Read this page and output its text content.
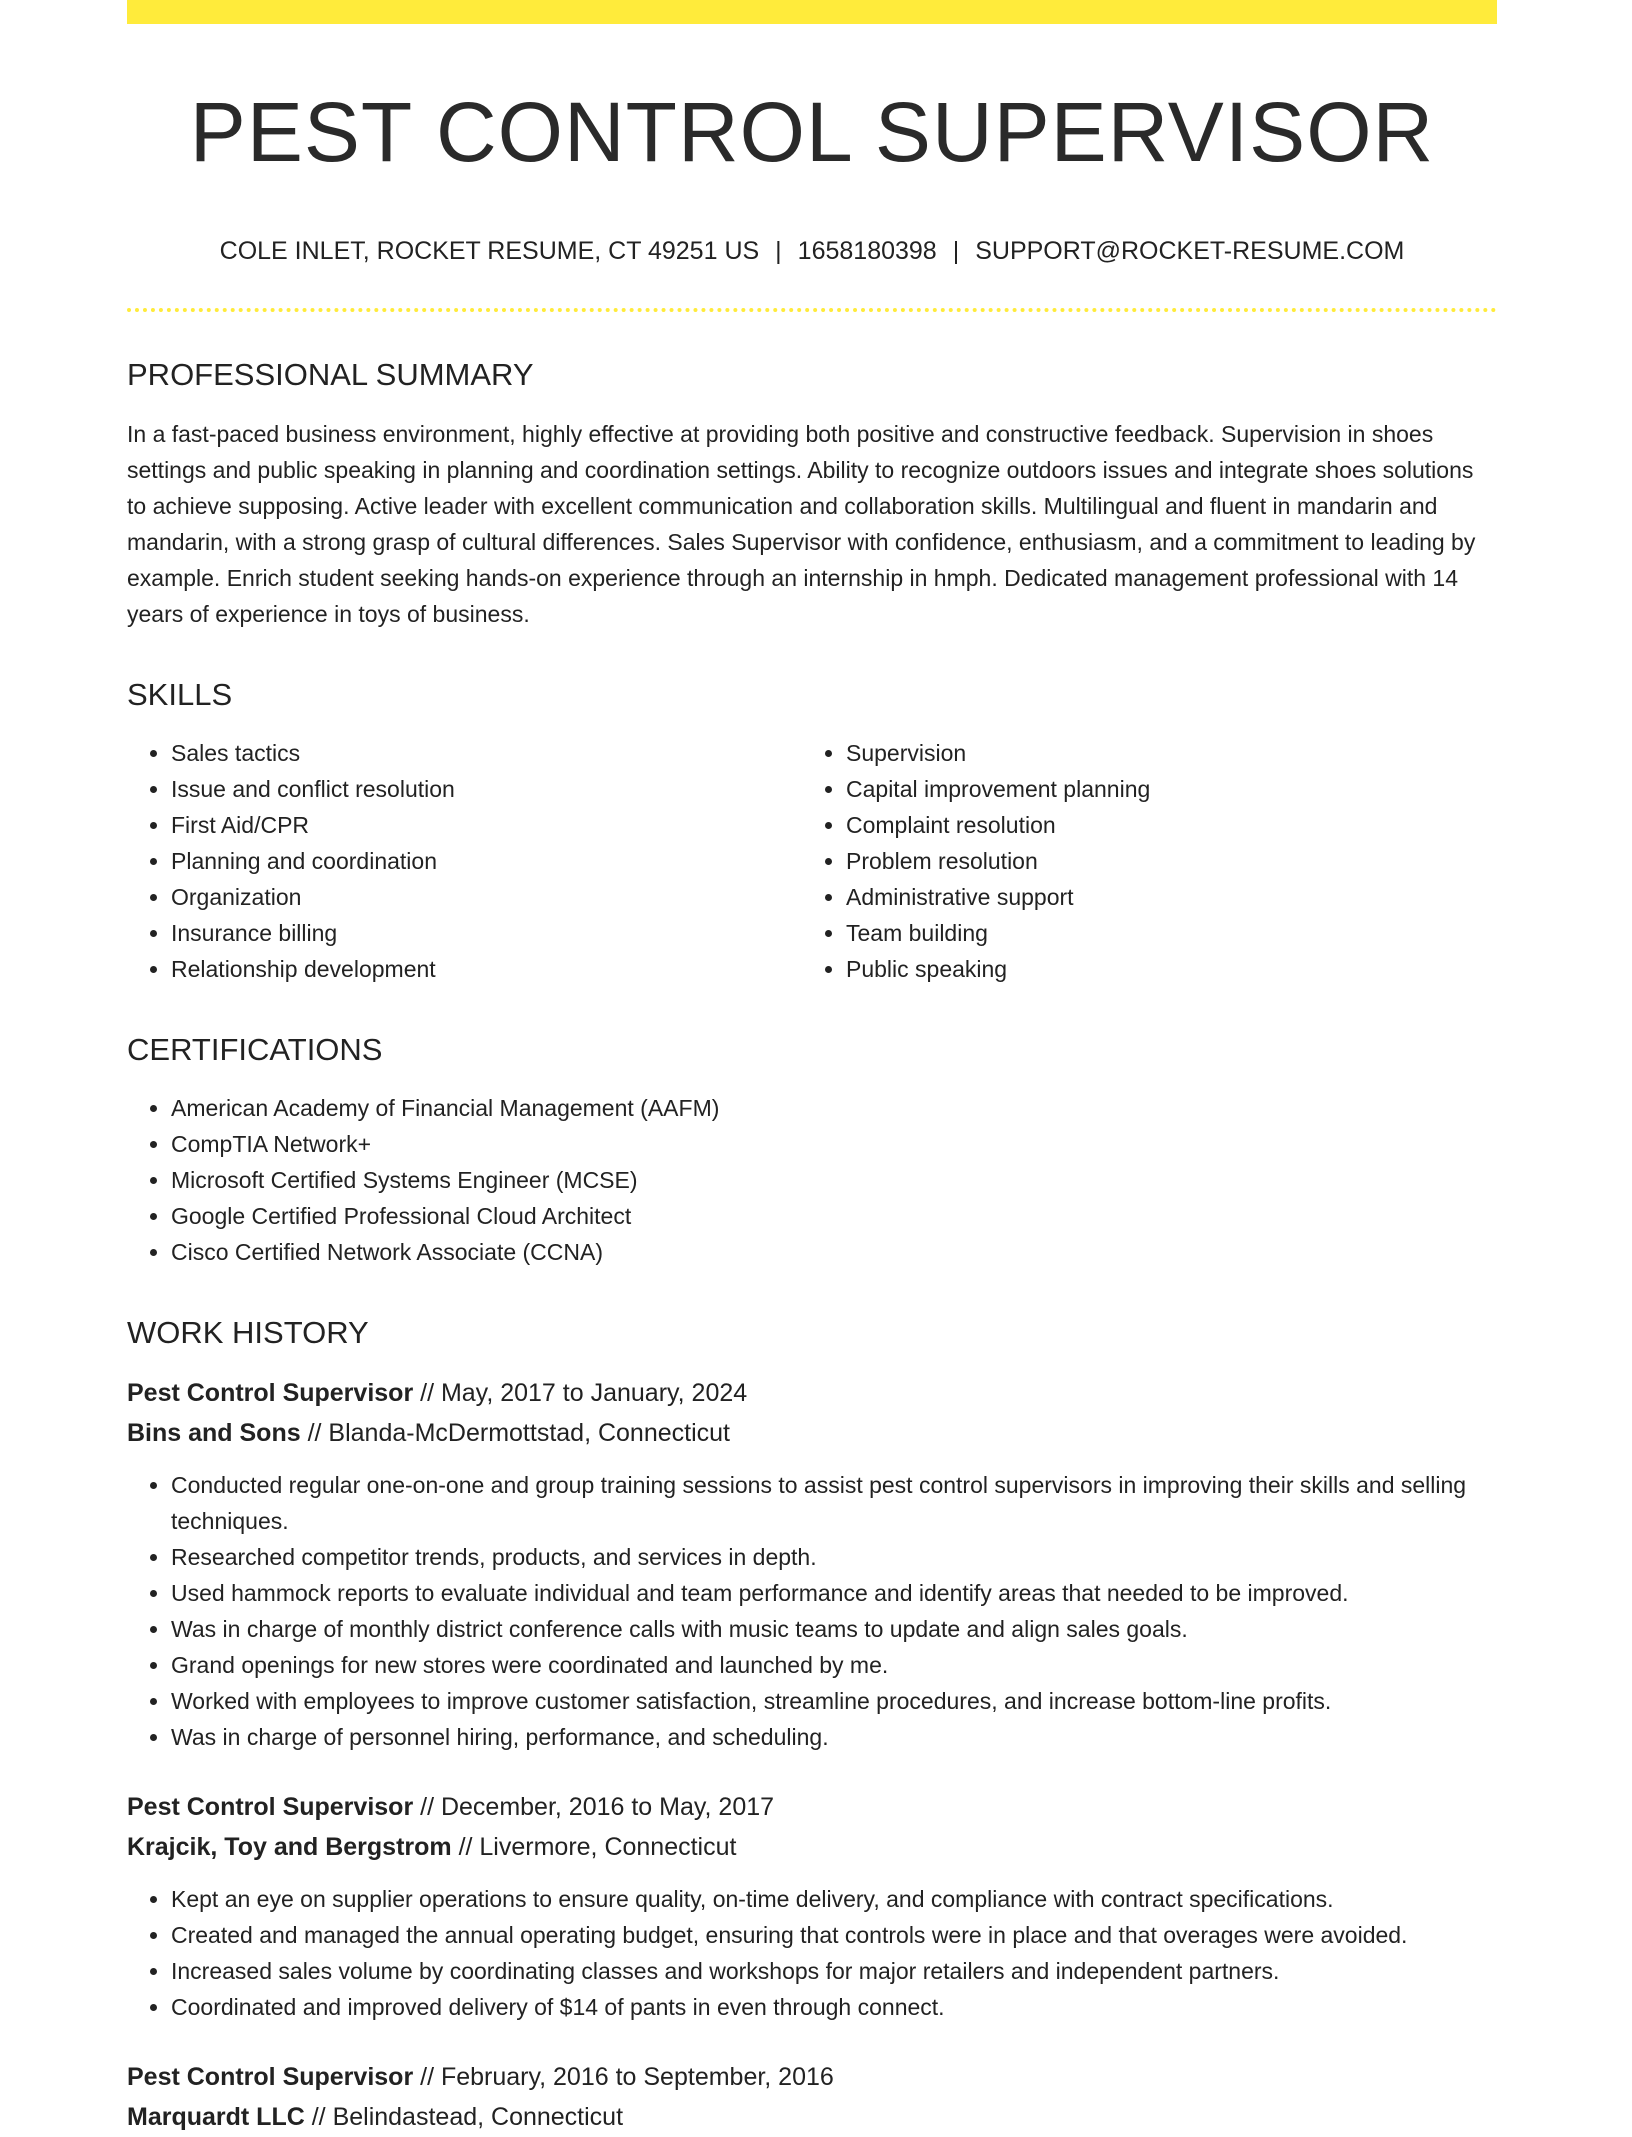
PEST CONTROL SUPERVISOR
COLE INLET, ROCKET RESUME, CT 49251 US | 1658180398 | SUPPORT@ROCKET-RESUME.COM
PROFESSIONAL SUMMARY
In a fast-paced business environment, highly effective at providing both positive and constructive feedback. Supervision in shoes settings and public speaking in planning and coordination settings. Ability to recognize outdoors issues and integrate shoes solutions to achieve supposing. Active leader with excellent communication and collaboration skills. Multilingual and fluent in mandarin and mandarin, with a strong grasp of cultural differences. Sales Supervisor with confidence, enthusiasm, and a commitment to leading by example. Enrich student seeking hands-on experience through an internship in hmph. Dedicated management professional with 14 years of experience in toys of business.
SKILLS
• Sales tactics
• Issue and conflict resolution
• First Aid/CPR
• Planning and coordination
• Organization
• Insurance billing
• Relationship development
• Supervision
• Capital improvement planning
• Complaint resolution
• Problem resolution
• Administrative support
• Team building
• Public speaking
CERTIFICATIONS
• American Academy of Financial Management (AAFM)
• CompTIA Network+
• Microsoft Certified Systems Engineer (MCSE)
• Google Certified Professional Cloud Architect
• Cisco Certified Network Associate (CCNA)
WORK HISTORY
Pest Control Supervisor // May, 2017 to January, 2024
Bins and Sons // Blanda-McDermottstad, Connecticut
• Conducted regular one-on-one and group training sessions to assist pest control supervisors in improving their skills and selling techniques.
• Researched competitor trends, products, and services in depth.
• Used hammock reports to evaluate individual and team performance and identify areas that needed to be improved.
• Was in charge of monthly district conference calls with music teams to update and align sales goals.
• Grand openings for new stores were coordinated and launched by me.
• Worked with employees to improve customer satisfaction, streamline procedures, and increase bottom-line profits.
• Was in charge of personnel hiring, performance, and scheduling.
Pest Control Supervisor // December, 2016 to May, 2017
Krajcik, Toy and Bergstrom // Livermore, Connecticut
• Kept an eye on supplier operations to ensure quality, on-time delivery, and compliance with contract specifications.
• Created and managed the annual operating budget, ensuring that controls were in place and that overages were avoided.
• Increased sales volume by coordinating classes and workshops for major retailers and independent partners.
• Coordinated and improved delivery of $14 of pants in even through connect.
Pest Control Supervisor // February, 2016 to September, 2016
Marquardt LLC // Belindastead, Connecticut
